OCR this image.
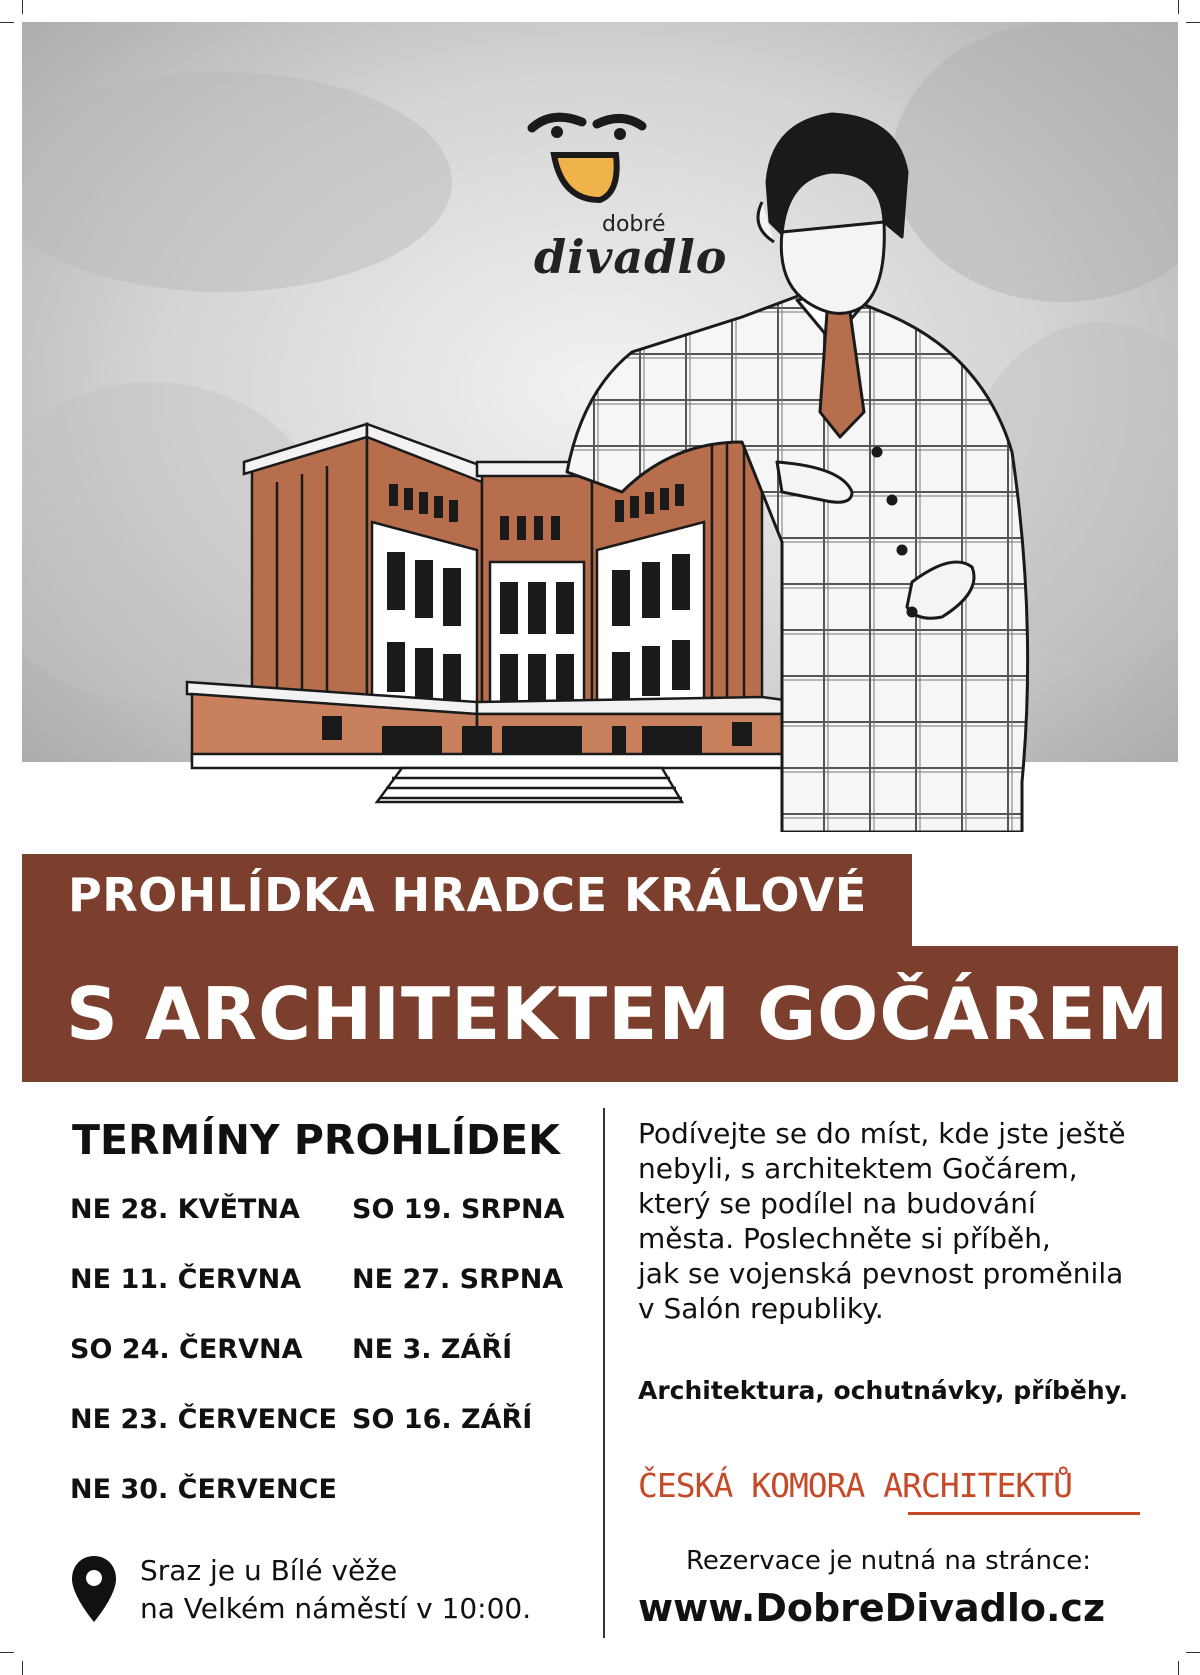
dobré
divadlo
PROHLÍDKA HRADCE KRÁLOVÉ
S ARCHITEKTEM GOČÁREM
TERMÍNY PROHLÍDEK
NE 28. KVĚTNA
NE 11. ČERVNA
SO 24. ČERVNA
NE 23. ČERVENCE
NE 30. ČERVENCE
SO 19. SRPNA
NE 27. SRPNA
NE 3. ZÁŘÍ
SO 16. ZÁŘÍ
Sraz je u Bílé věže
na Velkém náměstí v 10:00.
Podívejte se do míst, kde jste ještě
nebyli, s architektem Gočárem,
který se podílel na budování
města. Poslechněte si příběh,
jak se vojenská pevnost proměnila
v Salón republiky.
Architektura, ochutnávky, příběhy.
ČESKÁ KOMORA ARCHITEKTŮ
Rezervace je nutná na stránce:
www.DobreDivadlo.cz
